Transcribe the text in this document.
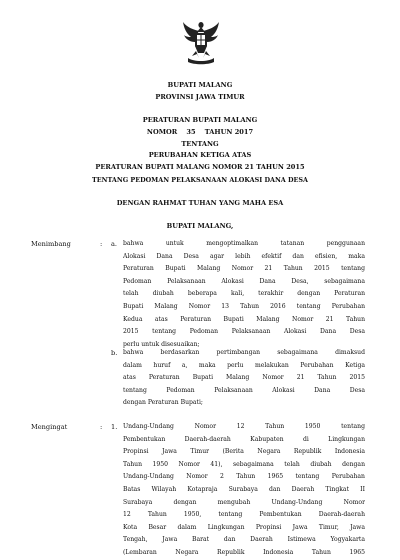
BUPATI MALANG
PROVINSI JAWA TIMUR
PERATURAN BUPATI MALANG
NOMOR    35    TAHUN 2017
TENTANG
PERUBAHAN KETIGA ATAS
PERATURAN BUPATI MALANG NOMOR 21 TAHUN 2015
TENTANG PEDOMAN PELAKSANAAN ALOKASI DANA DESA
DENGAN RAHMAT TUHAN YANG MAHA ESA
BUPATI MALANG,
Menimbang	: a. bahwa untuk mengoptimalkan tatanan penggunaan
Alokasi Dana Desa agar lebih efektif dan efisien, maka
Peraturan Bupati Malang Nomor 21 Tahun 2015 tentang
Pedoman Pelaksanaan Alokasi Dana Desa, sebagaimana
telah diubah beberapa kali, terakhir dengan Peraturan
Bupati Malang Nomor 13 Tahun 2016 tentang Perubahan
Kedua atas Peraturan Bupati Malang Nomor 21 Tahun
2015 tentang Pedoman Pelaksanaan Alokasi Dana Desa
perlu untuk disesuaikan;
b. bahwa berdasarkan pertimbangan sebagaimana dimaksud
dalam huruf a, maka perlu melakukan Perubahan Ketiga
atas Peraturan Bupati Malang Nomor 21 Tahun 2015
tentang Pedoman Pelaksanaan Alokasi Dana Desa
dengan Peraturan Bupati;
Mengingat	: 1. Undang-Undang Nomor 12 Tahun 1950 tentang
Pembentukan Daerah-daerah Kabupaten di Lingkungan
Propinsi Jawa Timur (Berita Negara Republik Indonesia
Tahun 1950 Nomor 41), sebagaimana telah diubah dengan
Undang-Undang Nomor 2 Tahun 1965 tentang Perubahan
Batas Wilayah Kotapraja Surabaya dan Daerah Tingkat II
Surabaya dengan mengubah Undang-Undang Nomor
12 Tahun 1950, tentang Pembentukan Daerah-daerah
Kota Besar dalam Lingkungan Propinsi Jawa Timur, Jawa
Tengah, Jawa Barat dan Daerah Istimewa Yogyakarta
(Lembaran Negara Republik Indonesia Tahun 1965
